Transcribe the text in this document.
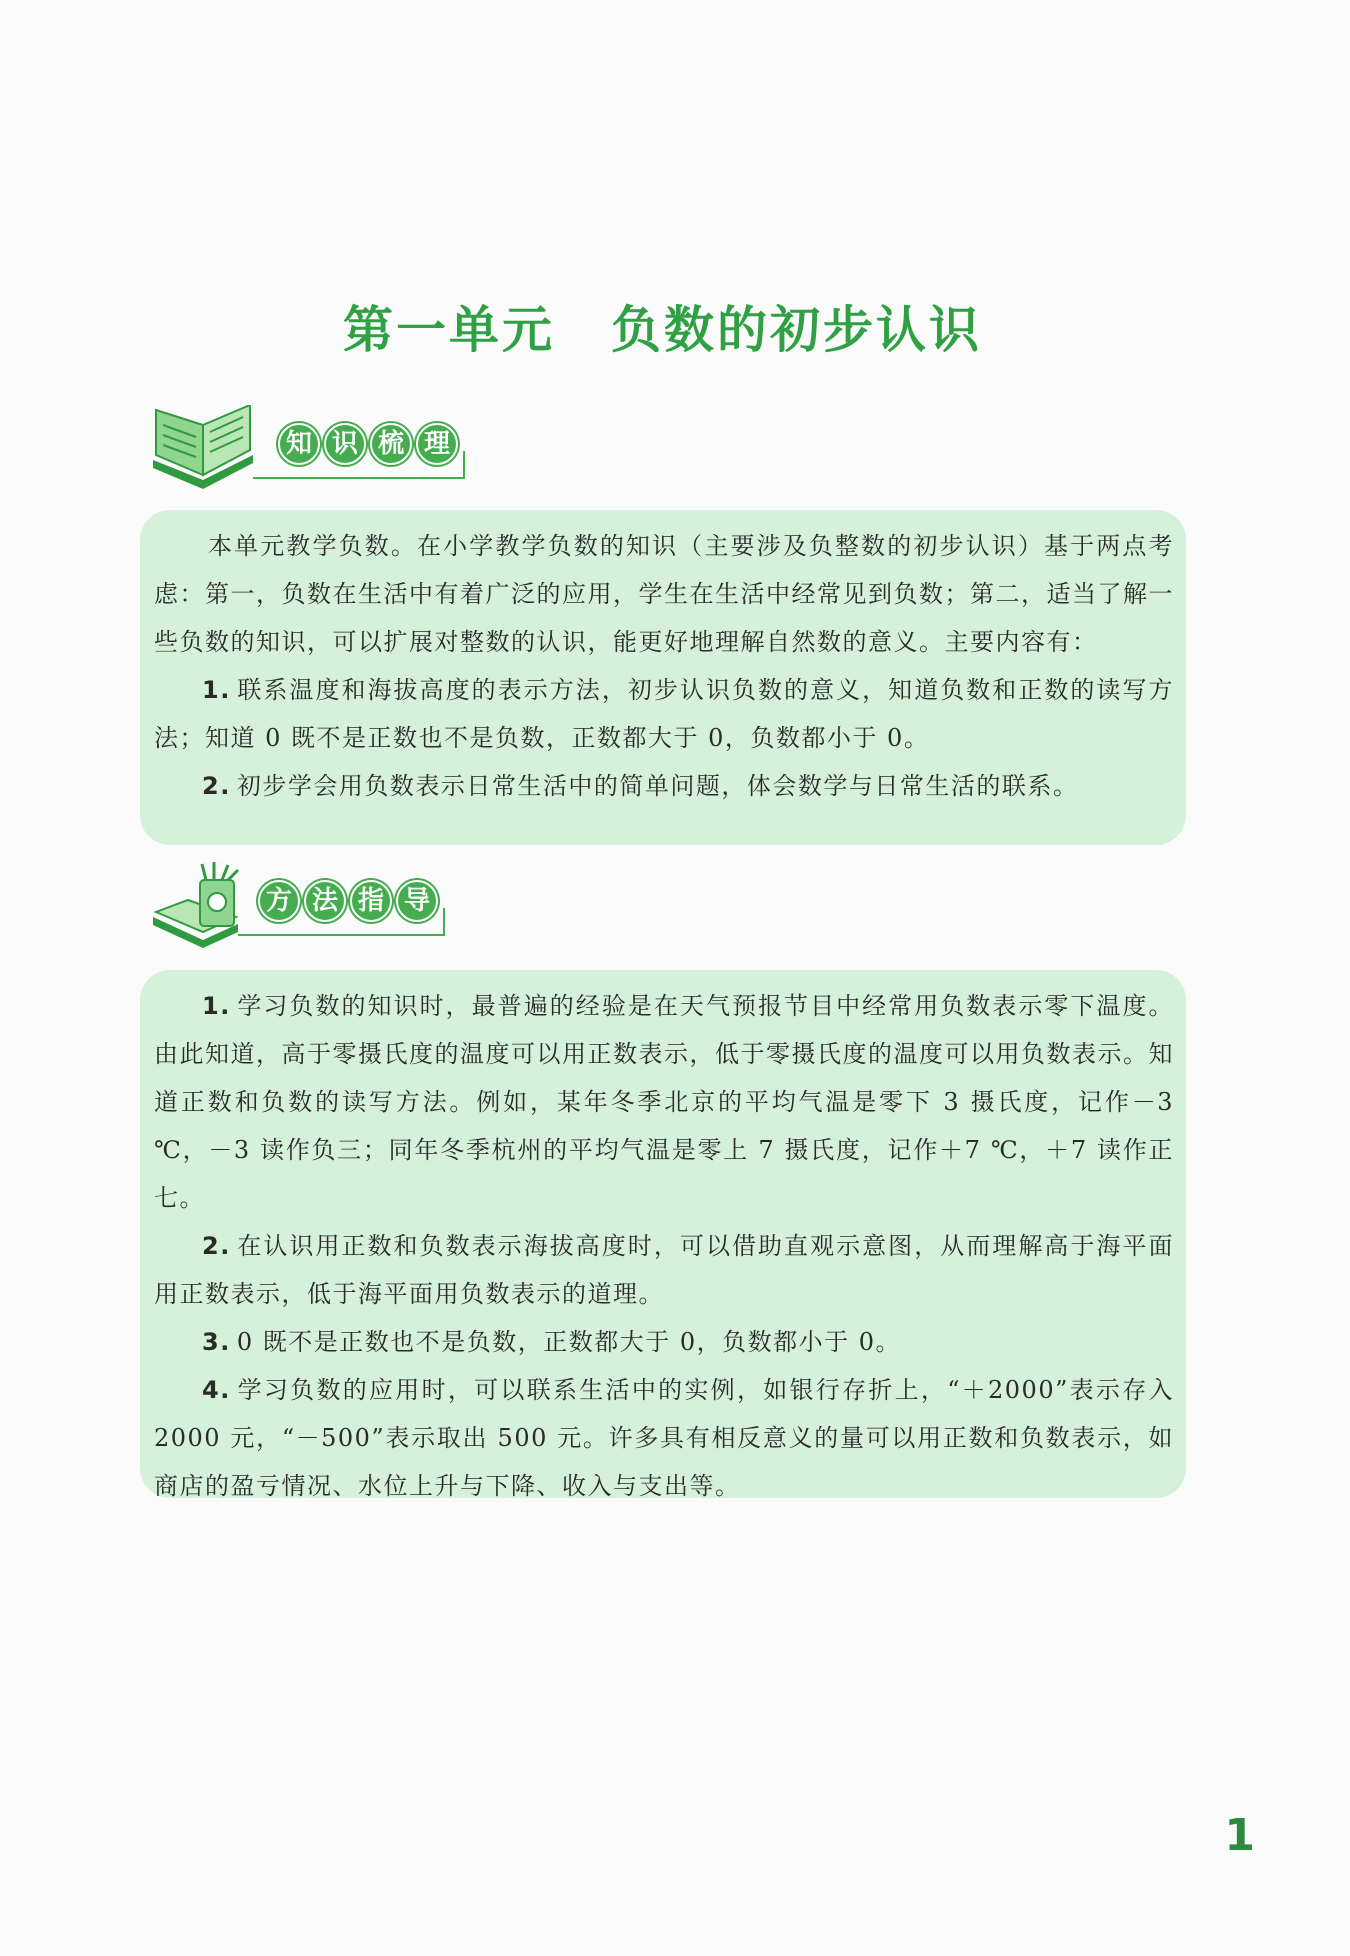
第一单元 负数的初步认识
知 识 梳 理

本单元教学负数。在小学教学负数的知识（主要涉及负整数的初步认识）基于两点考虑：第一，负数在生活中有着广泛的应用，学生在生活中经常见到负数；第二，适当了解一些负数的知识，可以扩展对整数的认识，能更好地理解自然数的意义。主要内容有：

1. 联系温度和海拔高度的表示方法，初步认识负数的意义，知道负数和正数的读写方法；知道 0 既不是正数也不是负数，正数都大于 0，负数都小于 0。

2. 初步学会用负数表示日常生活中的简单问题，体会数学与日常生活的联系。

方 法 指 导

1. 学习负数的知识时，最普遍的经验是在天气预报节目中经常用负数表示零下温度。由此知道，高于零摄氏度的温度可以用正数表示，低于零摄氏度的温度可以用负数表示。知道正数和负数的读写方法。例如，某年冬季北京的平均气温是零下 3 摄氏度，记作－3 ℃，－3 读作负三；同年冬季杭州的平均气温是零上 7 摄氏度，记作＋7 ℃，＋7 读作正七。

2. 在认识用正数和负数表示海拔高度时，可以借助直观示意图，从而理解高于海平面用正数表示，低于海平面用负数表示的道理。

3. 0 既不是正数也不是负数，正数都大于 0，负数都小于 0。

4. 学习负数的应用时，可以联系生活中的实例，如银行存折上，“＋2000”表示存入 2000 元，“－500”表示取出 500 元。许多具有相反意义的量可以用正数和负数表示，如商店的盈亏情况、水位上升与下降、收入与支出等。

1
